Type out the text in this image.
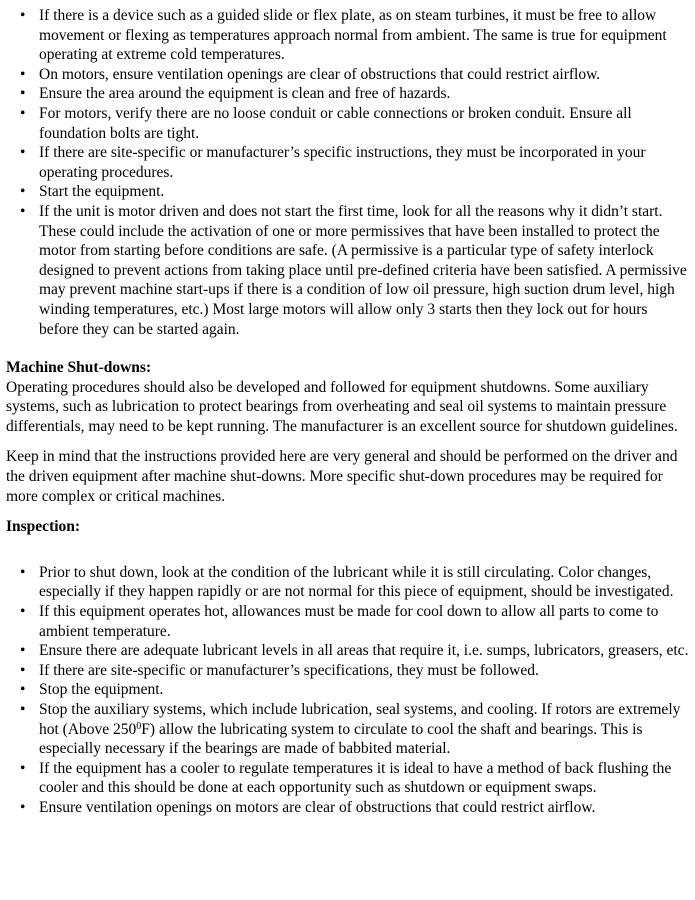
• If there is a device such as a guided slide or flex plate, as on steam turbines, it must be free to allow movement or flexing as temperatures approach normal from ambient. The same is true for equipment operating at extreme cold temperatures.
• On motors, ensure ventilation openings are clear of obstructions that could restrict airflow.
• Ensure the area around the equipment is clean and free of hazards.
• For motors, verify there are no loose conduit or cable connections or broken conduit. Ensure all foundation bolts are tight.
• If there are site-specific or manufacturer’s specific instructions, they must be incorporated in your operating procedures.
• Start the equipment.
• If the unit is motor driven and does not start the first time, look for all the reasons why it didn’t start. These could include the activation of one or more permissives that have been installed to protect the motor from starting before conditions are safe. (A permissive is a particular type of safety interlock designed to prevent actions from taking place until pre-defined criteria have been satisfied. A permissive may prevent machine start-ups if there is a condition of low oil pressure, high suction drum level, high winding temperatures, etc.) Most large motors will allow only 3 starts then they lock out for hours before they can be started again.
Machine Shut-downs:

Operating procedures should also be developed and followed for equipment shutdowns. Some auxiliary systems, such as lubrication to protect bearings from overheating and seal oil systems to maintain pressure differentials, may need to be kept running. The manufacturer is an excellent source for shutdown guidelines.

Keep in mind that the instructions provided here are very general and should be performed on the driver and the driven equipment after machine shut-downs. More specific shut-down procedures may be required for more complex or critical machines.

Inspection:
• Prior to shut down, look at the condition of the lubricant while it is still circulating. Color changes, especially if they happen rapidly or are not normal for this piece of equipment, should be investigated.
• If this equipment operates hot, allowances must be made for cool down to allow all parts to come to ambient temperature.
• Ensure there are adequate lubricant levels in all areas that require it, i.e. sumps, lubricators, greasers, etc.
• If there are site-specific or manufacturer’s specifications, they must be followed.
• Stop the equipment.
• Stop the auxiliary systems, which include lubrication, seal systems, and cooling. If rotors are extremely hot (Above $250^0F$) allow the lubricating system to circulate to cool the shaft and bearings. This is especially necessary if the bearings are made of babbited material.
• If the equipment has a cooler to regulate temperatures it is ideal to have a method of back flushing the cooler and this should be done at each opportunity such as shutdown or equipment swaps.
• Ensure ventilation openings on motors are clear of obstructions that could restrict airflow.
